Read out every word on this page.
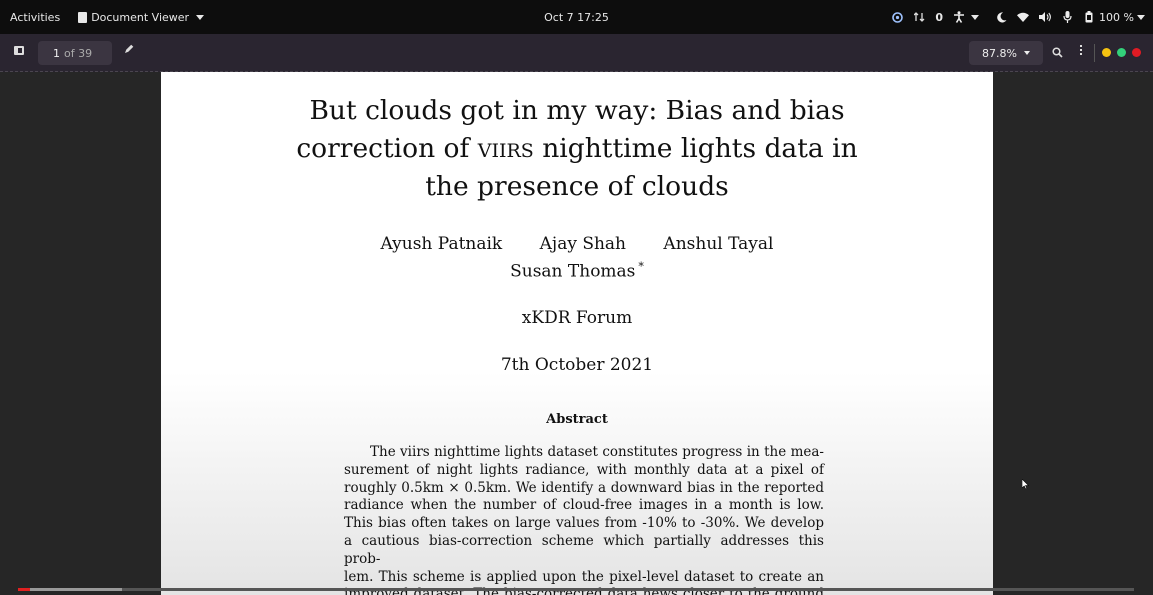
Activities	Document Viewer	Oct 7 17:25	0	100 %
1 of 39	87.8%
But clouds got in my way: Bias and bias
correction of viirs nighttime lights data in
the presence of clouds
Ayush Patnaik Ajay Shah Anshul Tayal
Susan Thomas *
xKDR Forum
7th October 2021
Abstract
The viirs nighttime lights dataset constitutes progress in the mea-
surement of night lights radiance, with monthly data at a pixel of
roughly 0.5km × 0.5km. We identify a downward bias in the reported
radiance when the number of cloud-free images in a month is low.
This bias often takes on large values from -10% to -30%. We develop
a cautious bias-correction scheme which partially addresses this prob-
lem. This scheme is applied upon the pixel-level dataset to create an
